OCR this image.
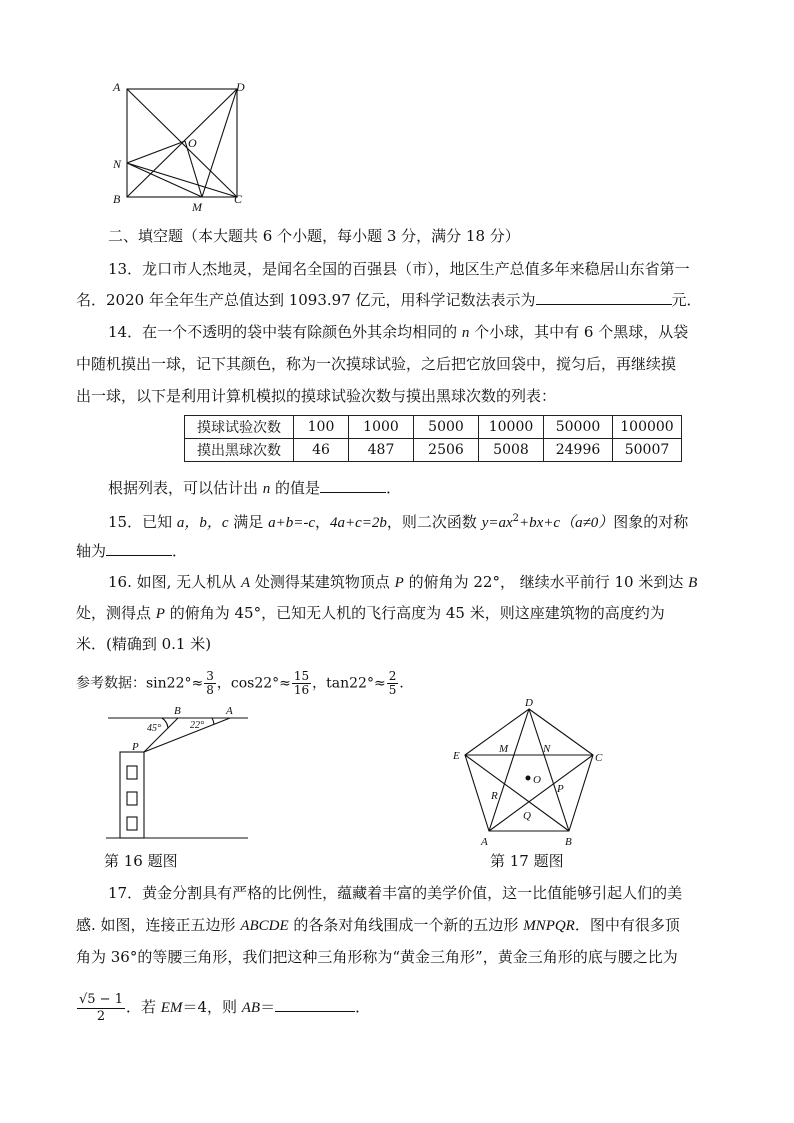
A	D
O
N
B
M
C
二、填空题（本大题共 6 个小题，每小题 3 分，满分 18 分）
13．龙口市人杰地灵，是闻名全国的百强县（市），地区生产总值多年来稳居山东省第一
名．2020 年全年生产总值达到 1093.97 亿元，用科学记数法表示为	元．
14．在一个不透明的袋中装有除颜色外其余均相同的 n 个小球，其中有 6 个黑球，从袋
中随机摸出一球，记下其颜色，称为一次摸球试验，之后把它放回袋中，搅匀后，再继续摸
出一球，以下是利用计算机模拟的摸球试验次数与摸出黑球次数的列表：
摸球试验次数	100	1000	5000	10000	50000	100000
摸出黑球次数	46	487	2506	5008	24996	50007
根据列表，可以估计出 n 的值是	．
15．已知 a，b，c 满足 a+b=-c，4a+c=2b，则二次函数 $y=ax^2+bx+c(a\ne 0)$图象的对称
轴为	．
16. 如图, 无人机从 A 处测得某建筑物顶点 P 的俯角为 22°， 继续水平前行 10 米到达 B
处，测得点 P 的俯角为 45°，已知无人机的飞行高度为 45 米，则这座建筑物的高度约为
米．(精确到 0.1 米)
参考数据：$\sin 22^\circ\approx \frac{3}{8}$ ，$\cos 22^\circ\approx \frac{15}{16}$ ，$\tan 22^\circ\approx \frac{2}{5}$ ．
B	A
45°	22°
P
第 16 题图
D
E	C
M	N
O
R
P
Q
A	B
第 17 题图
17．黄金分割具有严格的比例性，蕴藏着丰富的美学价值，这一比值能够引起人们的美
感. 如图，连接正五边形 ABCDE 的各条对角线围成一个新的五边形 MNPQR．图中有很多顶
角为 36°的等腰三角形，我们把这种三角形称为“黄金三角形”，黄金三角形的底与腰之比为
$\frac{√5 - 1}{2}$ ．若 EM＝4，则 AB＝	．
